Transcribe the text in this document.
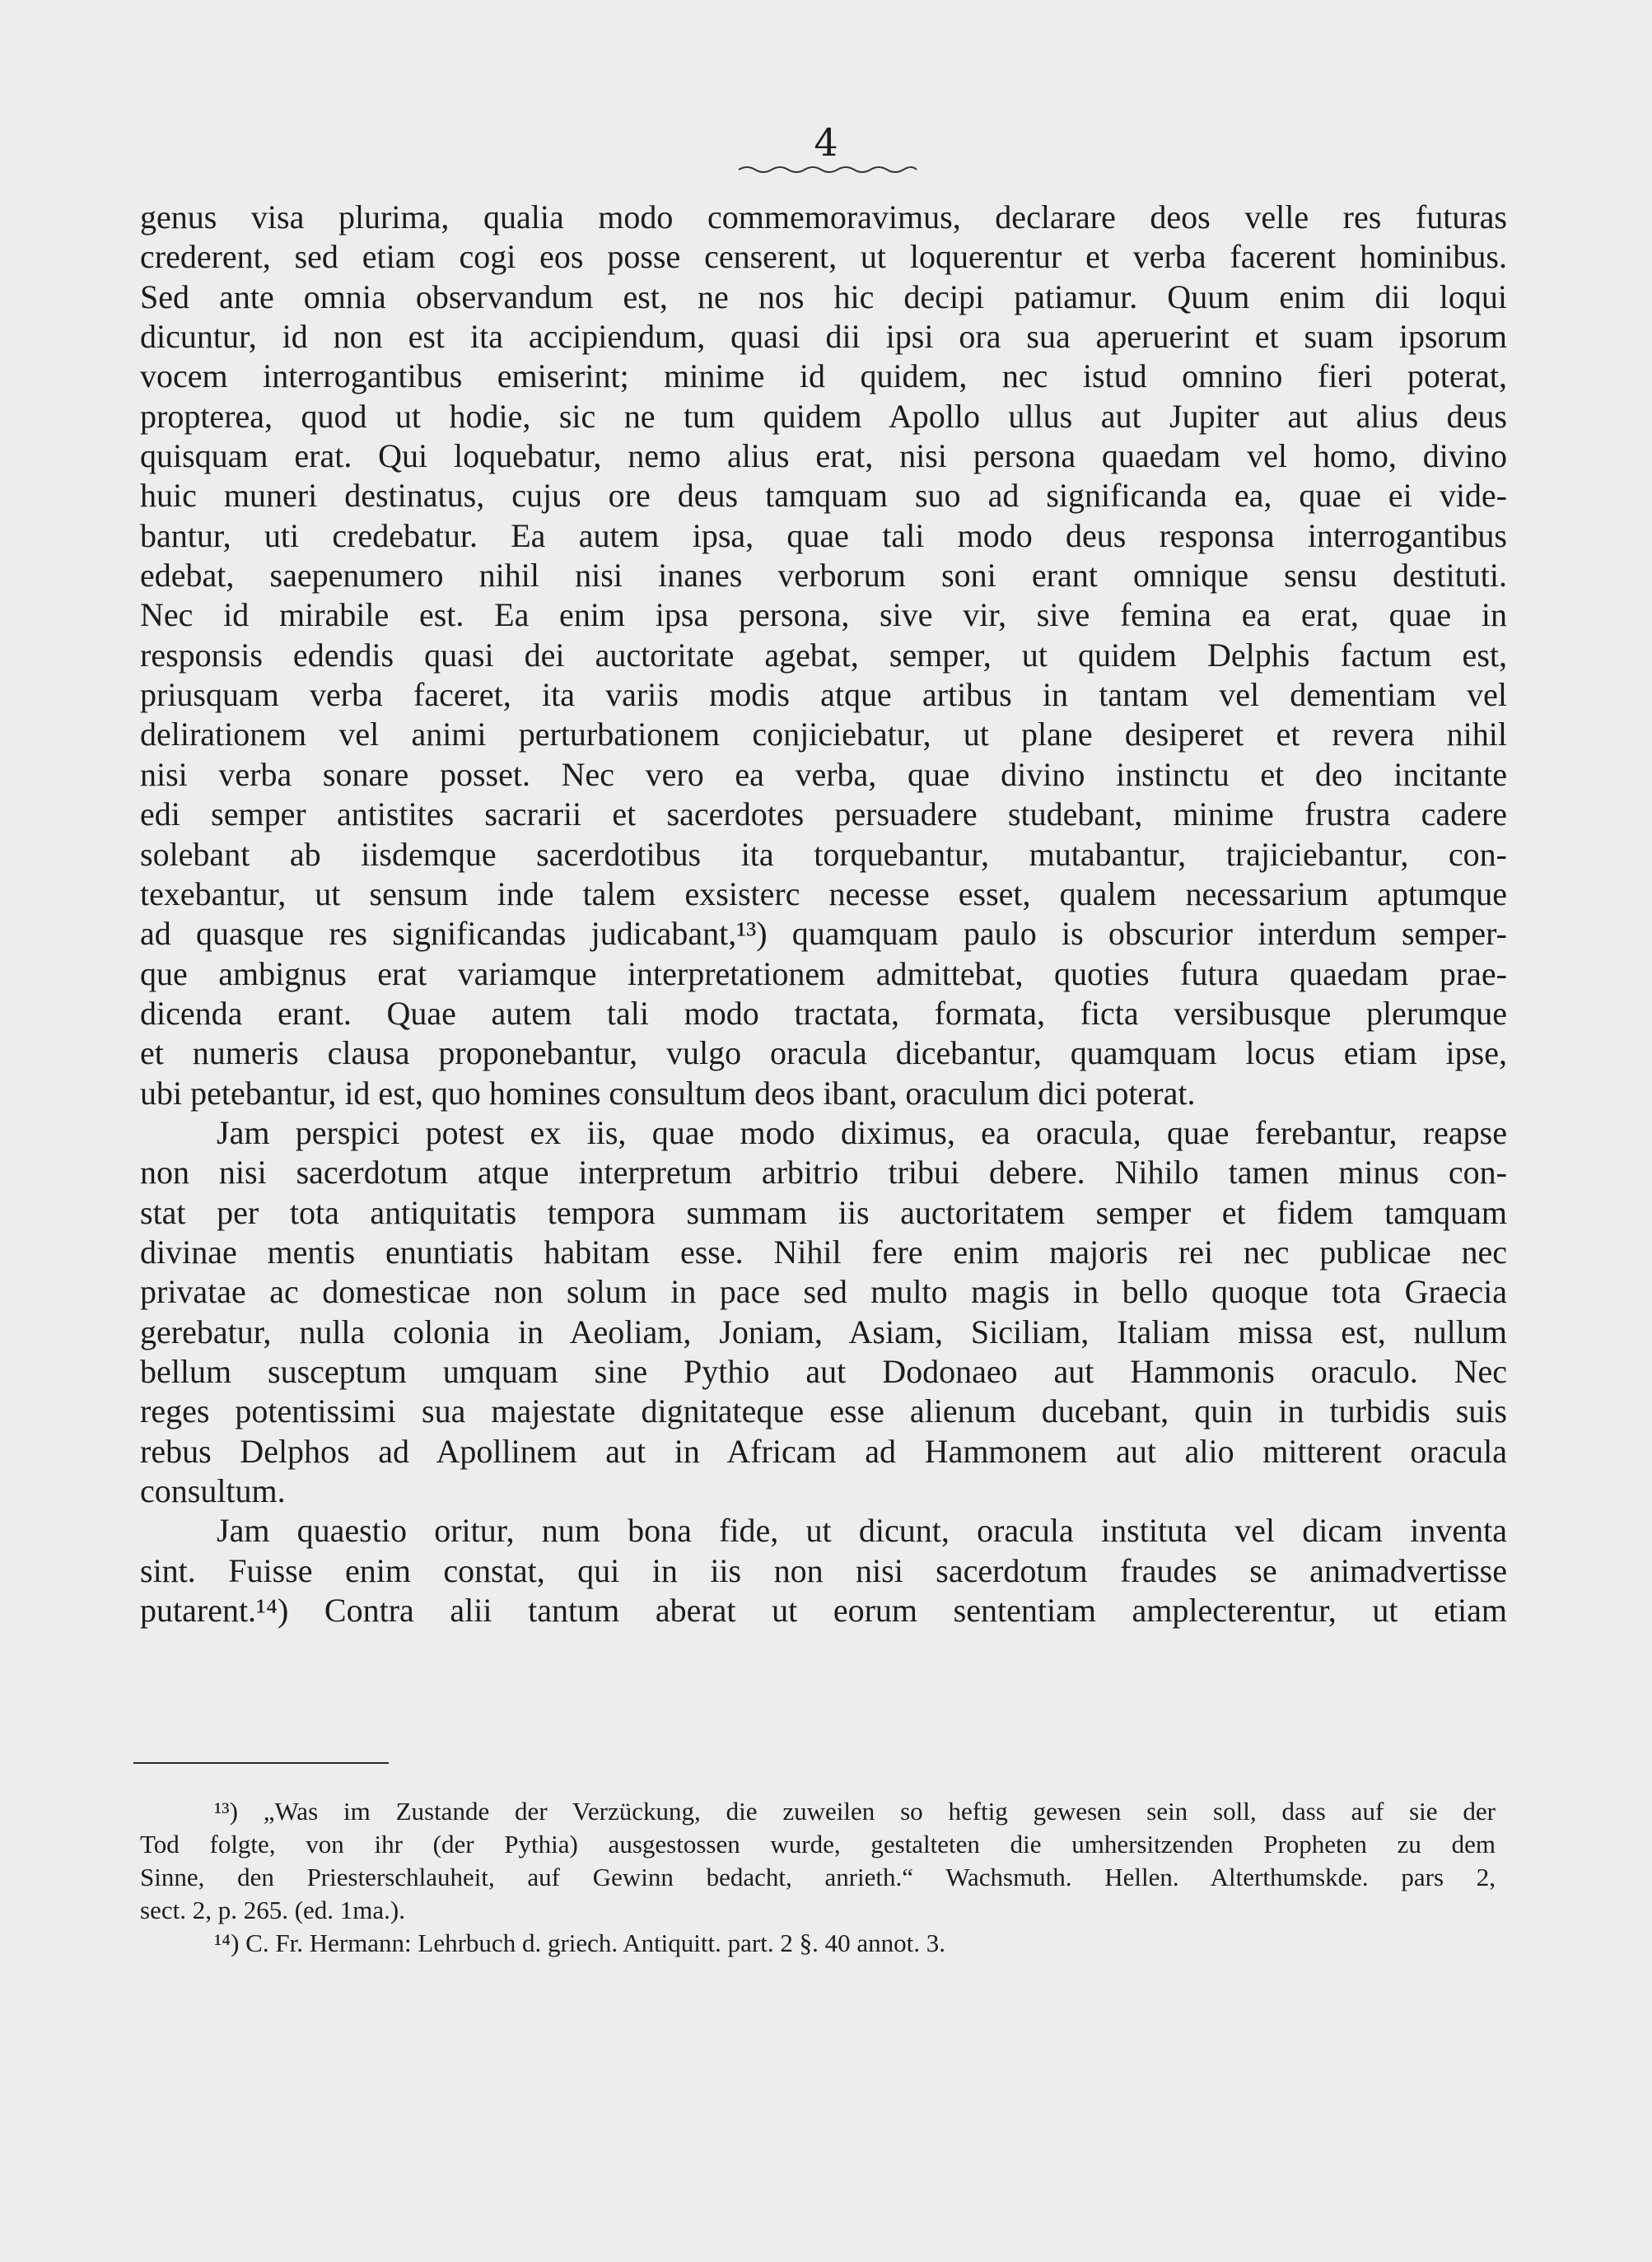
4
genus visa plurima, qualia modo commemoravimus, declarare deos velle res futuras
crederent, sed etiam cogi eos posse censerent, ut loquerentur et verba facerent hominibus.
Sed ante omnia observandum est, ne nos hic decipi patiamur. Quum enim dii loqui
dicuntur, id non est ita accipiendum, quasi dii ipsi ora sua aperuerint et suam ipsorum
vocem interrogantibus emiserint; minime id quidem, nec istud omnino fieri poterat,
propterea, quod ut hodie, sic ne tum quidem Apollo ullus aut Jupiter aut alius deus
quisquam erat. Qui loquebatur, nemo alius erat, nisi persona quaedam vel homo, divino
huic muneri destinatus, cujus ore deus tamquam suo ad significanda ea, quae ei vide-
bantur, uti credebatur. Ea autem ipsa, quae tali modo deus responsa interrogantibus
edebat, saepenumero nihil nisi inanes verborum soni erant omnique sensu destituti.
Nec id mirabile est. Ea enim ipsa persona, sive vir, sive femina ea erat, quae in
responsis edendis quasi dei auctoritate agebat, semper, ut quidem Delphis factum est,
priusquam verba faceret, ita variis modis atque artibus in tantam vel dementiam vel
delirationem vel animi perturbationem conjiciebatur, ut plane desiperet et revera nihil
nisi verba sonare posset. Nec vero ea verba, quae divino instinctu et deo incitante
edi semper antistites sacrarii et sacerdotes persuadere studebant, minime frustra cadere
solebant ab iisdemque sacerdotibus ita torquebantur, mutabantur, trajiciebantur, con-
texebantur, ut sensum inde talem exsisterc necesse esset, qualem necessarium aptumque
ad quasque res significandas judicabant,¹³) quamquam paulo is obscurior interdum semper-
que ambignus erat variamque interpretationem admittebat, quoties futura quaedam prae-
dicenda erant. Quae autem tali modo tractata, formata, ficta versibusque plerumque
et numeris clausa proponebantur, vulgo oracula dicebantur, quamquam locus etiam ipse,
ubi petebantur, id est, quo homines consultum deos ibant, oraculum dici poterat.
Jam perspici potest ex iis, quae modo diximus, ea oracula, quae ferebantur, reapse
non nisi sacerdotum atque interpretum arbitrio tribui debere. Nihilo tamen minus con-
stat per tota antiquitatis tempora summam iis auctoritatem semper et fidem tamquam
divinae mentis enuntiatis habitam esse. Nihil fere enim majoris rei nec publicae nec
privatae ac domesticae non solum in pace sed multo magis in bello quoque tota Graecia
gerebatur, nulla colonia in Aeoliam, Joniam, Asiam, Siciliam, Italiam missa est, nullum
bellum susceptum umquam sine Pythio aut Dodonaeo aut Hammonis oraculo. Nec
reges potentissimi sua majestate dignitateque esse alienum ducebant, quin in turbidis suis
rebus Delphos ad Apollinem aut in Africam ad Hammonem aut alio mitterent oracula
consultum.
Jam quaestio oritur, num bona fide, ut dicunt, oracula instituta vel dicam inventa
sint. Fuisse enim constat, qui in iis non nisi sacerdotum fraudes se animadvertisse
putarent.¹⁴) Contra alii tantum aberat ut eorum sententiam amplecterentur, ut etiam
¹³) „Was im Zustande der Verzückung, die zuweilen so heftig gewesen sein soll, dass auf sie der
Tod folgte, von ihr (der Pythia) ausgestossen wurde, gestalteten die umhersitzenden Propheten zu dem
Sinne, den Priesterschlauheit, auf Gewinn bedacht, anrieth.“ Wachsmuth. Hellen. Alterthumskde. pars 2,
sect. 2, p. 265. (ed. 1ma.).
¹⁴) C. Fr. Hermann: Lehrbuch d. griech. Antiquitt. part. 2 §. 40 annot. 3.
